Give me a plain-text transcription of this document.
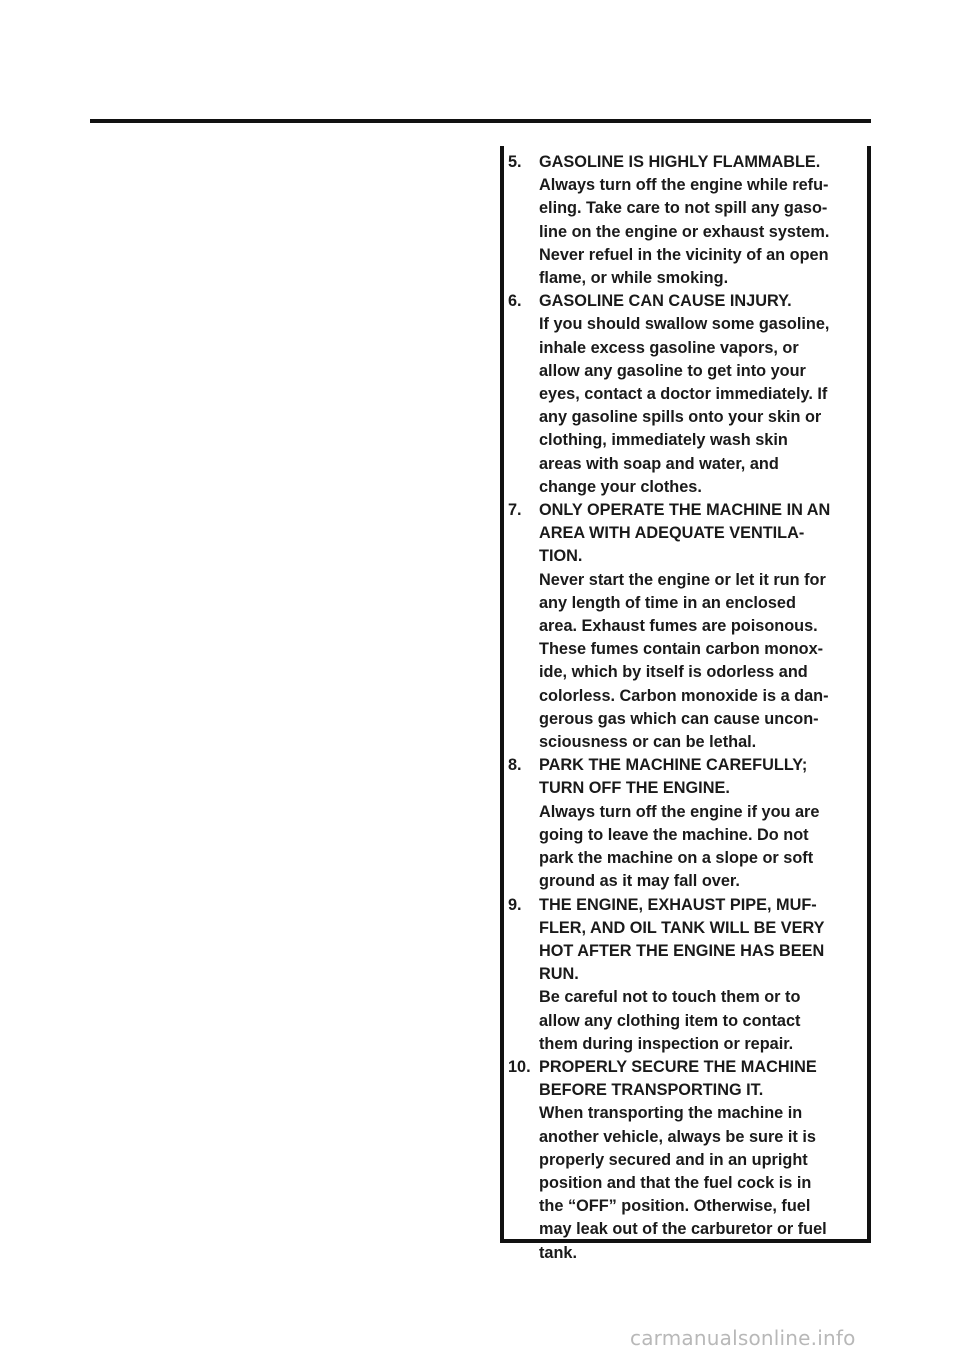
5.	GASOLINE IS HIGHLY FLAMMABLE.
Always turn off the engine while refu-
eling. Take care to not spill any gaso-
line on the engine or exhaust system.
Never refuel in the vicinity of an open
flame, or while smoking.
6.	GASOLINE CAN CAUSE INJURY.
If you should swallow some gasoline,
inhale excess gasoline vapors, or
allow any gasoline to get into your
eyes, contact a doctor immediately. If
any gasoline spills onto your skin or
clothing, immediately wash skin
areas with soap and water, and
change your clothes.
7.	ONLY OPERATE THE MACHINE IN AN
AREA WITH ADEQUATE VENTILA-
TION.
Never start the engine or let it run for
any length of time in an enclosed
area. Exhaust fumes are poisonous.
These fumes contain carbon monox-
ide, which by itself is odorless and
colorless. Carbon monoxide is a dan-
gerous gas which can cause uncon-
sciousness or can be lethal.
8.	PARK THE MACHINE CAREFULLY;
TURN OFF THE ENGINE.
Always turn off the engine if you are
going to leave the machine. Do not
park the machine on a slope or soft
ground as it may fall over.
9.	THE ENGINE, EXHAUST PIPE, MUF-
FLER, AND OIL TANK WILL BE VERY
HOT AFTER THE ENGINE HAS BEEN
RUN.
Be careful not to touch them or to
allow any clothing item to contact
them during inspection or repair.
10. PROPERLY SECURE THE MACHINE
BEFORE TRANSPORTING IT.
When transporting the machine in
another vehicle, always be sure it is
properly secured and in an upright
position and that the fuel cock is in
the “OFF” position. Otherwise, fuel
may leak out of the carburetor or fuel
tank.
carmanualsonline.info
